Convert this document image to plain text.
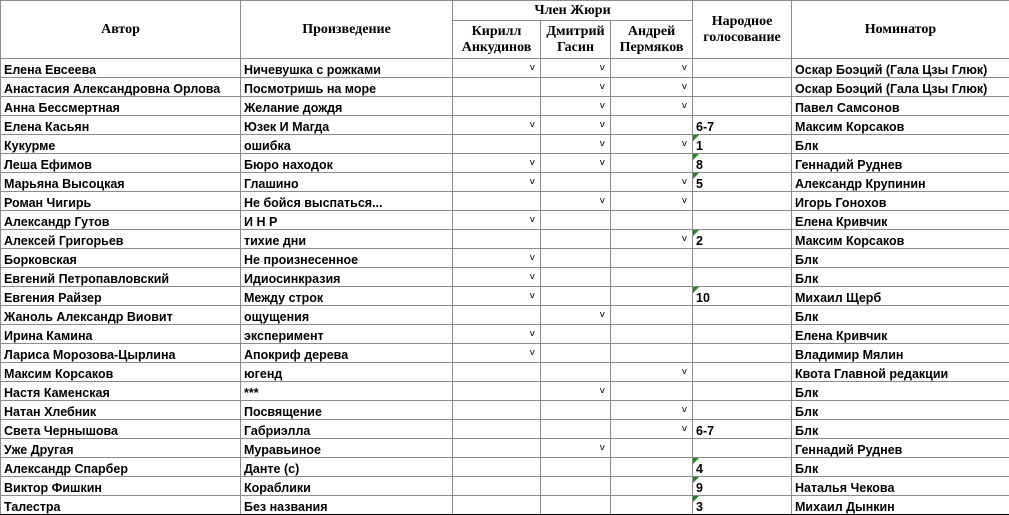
Автор	Произведение	Член Жюри			Народное голосование	Номинатор
		Кирилл Анкудинов	Дмитрий Гасин	Андрей Пермяков		
Елена Евсеева	Ничевушка с рожками	v	v	v		Оскар Боэций (Гала Цзы Глюк)
Анастасия Александровна Орлова	Посмотришь на море		v	v		Оскар Боэций (Гала Цзы Глюк)
Анна Бессмертная	Желание дождя		v	v		Павел Самсонов
Елена Касьян	Юзек И Магда	v	v		6-7	Максим Корсаков
Кукурме	ошибка		v	v	1	Блк
Леша Ефимов	Бюро находок	v	v		8	Геннадий Руднев
Марьяна Высоцкая	Глашино	v		v	5	Александр Крупинин
Роман Чигирь	Не бойся выспаться...		v	v		Игорь Гонохов
Александр Гутов	И Н Р	v				Елена Кривчик
Алексей Григорьев	тихие дни			v	2	Максим Корсаков
Борковская	Не произнесенное	v				Блк
Евгений Петропавловский	Идиосинкразия	v				Блк
Евгения Райзер	Между строк	v			10	Михаил Щерб
Жаноль Александр Виовит	ощущения		v			Блк
Ирина Камина	эксперимент	v				Елена Кривчик
Лариса Морозова-Цырлина	Апокриф дерева	v				Владимир Мялин
Максим Корсаков	югенд			v		Квота Главной редакции
Настя Каменская	***		v			Блк
Натан Хлебник	Посвящение			v		Блк
Света Чернышова	Габриэлла			v	6-7	Блк
Уже Другая	Муравьиное		v			Геннадий Руднев
Александр Спарбер	Данте (с)				4	Блк
Виктор Фишкин	Кораблики				9	Наталья Чекова
Талестра	Без названия				3	Михаил Дынкин
